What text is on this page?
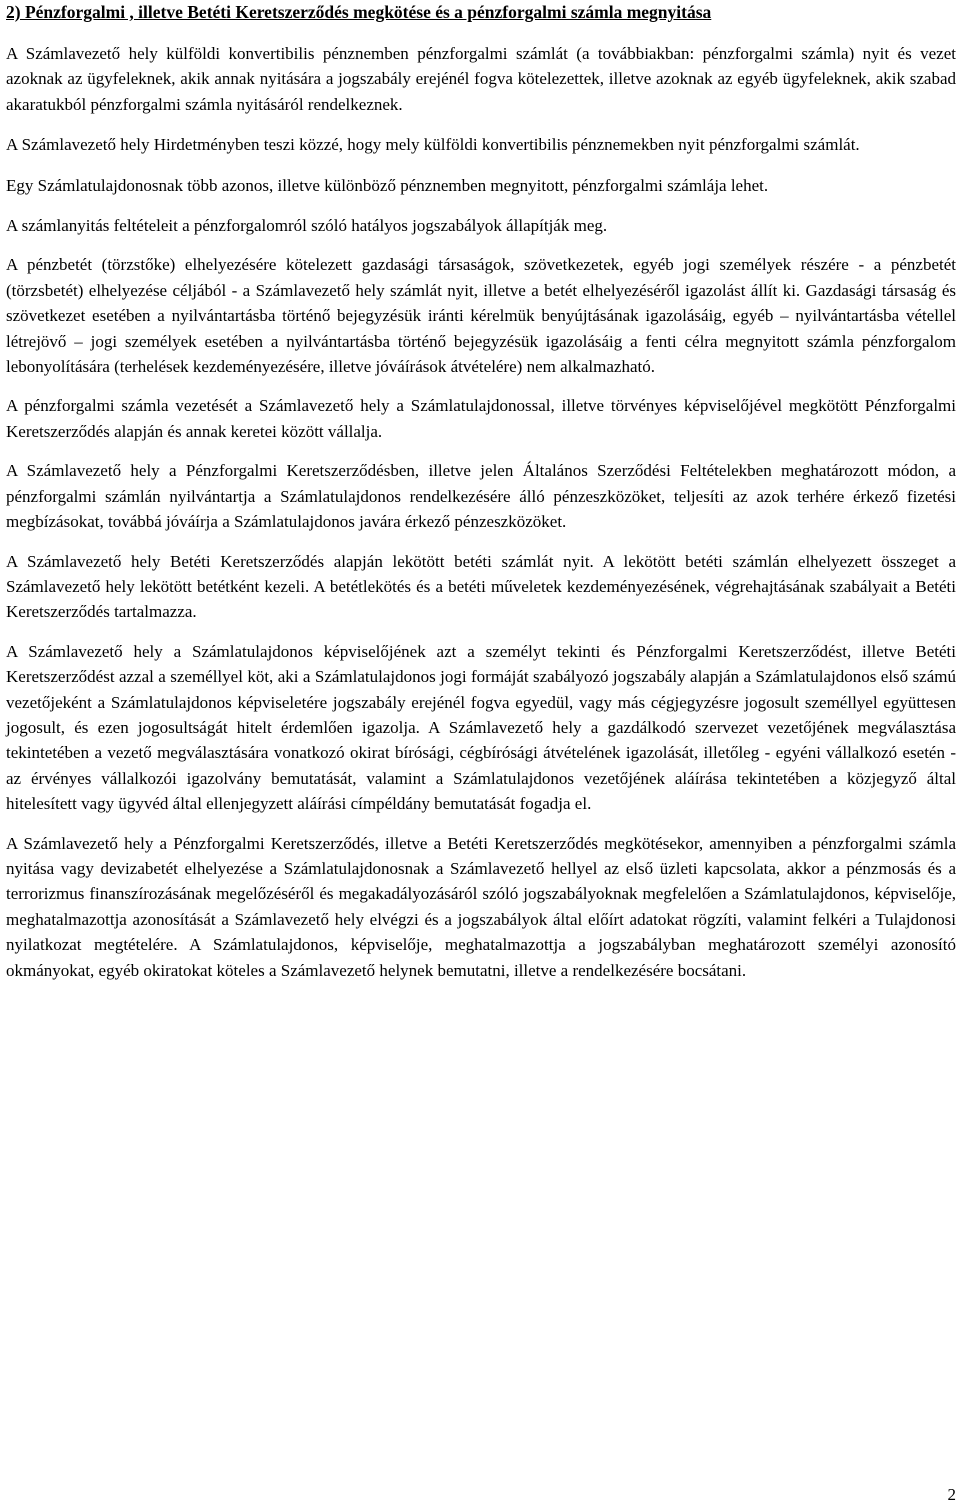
2) Pénzforgalmi , illetve Betéti Keretszerződés megkötése és a pénzforgalmi számla megnyitása

A Számlavezető hely külföldi konvertibilis pénznemben pénzforgalmi számlát (a továbbiakban: pénzforgalmi számla) nyit és vezet azoknak az ügyfeleknek, akik annak nyitására a jogszabály erejénél fogva kötelezettek, illetve azoknak az egyéb ügyfeleknek, akik szabad akaratukból pénzforgalmi számla nyitásáról rendelkeznek.

A Számlavezető hely Hirdetményben teszi közzé, hogy mely külföldi konvertibilis pénznemekben nyit pénzforgalmi számlát.

Egy Számlatulajdonosnak több azonos, illetve különböző pénznemben megnyitott, pénzforgalmi számlája lehet.

A számlanyitás feltételeit a pénzforgalomról szóló hatályos jogszabályok állapítják meg.

A pénzbetét (törzstőke) elhelyezésére kötelezett gazdasági társaságok, szövetkezetek, egyéb jogi személyek részére - a pénzbetét (törzsbetét) elhelyezése céljából - a Számlavezető hely számlát nyit, illetve a betét elhelyezéséről igazolást állít ki. Gazdasági társaság és szövetkezet esetében a nyilvántartásba történő bejegyzésük iránti kérelmük benyújtásának igazolásáig, egyéb – nyilvántartásba vétellel létrejövő – jogi személyek esetében a nyilvántartásba történő bejegyzésük igazolásáig a fenti célra megnyitott számla pénzforgalom lebonyolítására (terhelések kezdeményezésére, illetve jóváírások átvételére) nem alkalmazható.

A pénzforgalmi számla vezetését a Számlavezető hely a Számlatulajdonossal, illetve törvényes képviselőjével megkötött Pénzforgalmi Keretszerződés alapján és annak keretei között vállalja.

A Számlavezető hely a Pénzforgalmi Keretszerződésben, illetve jelen Általános Szerződési Feltételekben meghatározott módon, a pénzforgalmi számlán nyilvántartja a Számlatulajdonos rendelkezésére álló pénzeszközöket, teljesíti az azok terhére érkező fizetési megbízásokat, továbbá jóváírja a Számlatulajdonos javára érkező pénzeszközöket.

A Számlavezető hely Betéti Keretszerződés alapján lekötött betéti számlát nyit. A lekötött betéti számlán elhelyezett összeget a Számlavezető hely lekötött betétként kezeli. A betétlekötés és a betéti műveletek kezdeményezésének, végrehajtásának szabályait a Betéti Keretszerződés tartalmazza.

A Számlavezető hely a Számlatulajdonos képviselőjének azt a személyt tekinti és Pénzforgalmi Keretszerződést, illetve Betéti Keretszerződést azzal a személlyel köt, aki a Számlatulajdonos jogi formáját szabályozó jogszabály alapján a Számlatulajdonos első számú vezetőjeként a Számlatulajdonos képviseletére jogszabály erejénél fogva egyedül, vagy más cégjegyzésre jogosult személlyel együttesen jogosult, és ezen jogosultságát hitelt érdemlően igazolja. A Számlavezető hely a gazdálkodó szervezet vezetőjének megválasztása tekintetében a vezető megválasztására vonatkozó okirat bírósági, cégbírósági átvételének igazolását, illetőleg - egyéni vállalkozó esetén - az érvényes vállalkozói igazolvány bemutatását, valamint a Számlatulajdonos vezetőjének aláírása tekintetében a közjegyző által hitelesített vagy ügyvéd által ellenjegyzett aláírási címpéldány bemutatását fogadja el.

A Számlavezető hely a Pénzforgalmi Keretszerződés, illetve a Betéti Keretszerződés megkötésekor, amennyiben a pénzforgalmi számla nyitása vagy devizabetét elhelyezése a Számlatulajdonosnak a Számlavezető hellyel az első üzleti kapcsolata, akkor a pénzmosás és a terrorizmus finanszírozásának megelőzéséről és megakadályozásáról szóló jogszabályoknak megfelelően a Számlatulajdonos, képviselője, meghatalmazottja azonosítását a Számlavezető hely elvégzi és a jogszabályok által előírt adatokat rögzíti, valamint felkéri a Tulajdonosi nyilatkozat megtételére. A Számlatulajdonos, képviselője, meghatalmazottja a jogszabályban meghatározott személyi azonosító okmányokat, egyéb okiratokat köteles a Számlavezető helynek bemutatni, illetve a rendelkezésére bocsátani.

2
